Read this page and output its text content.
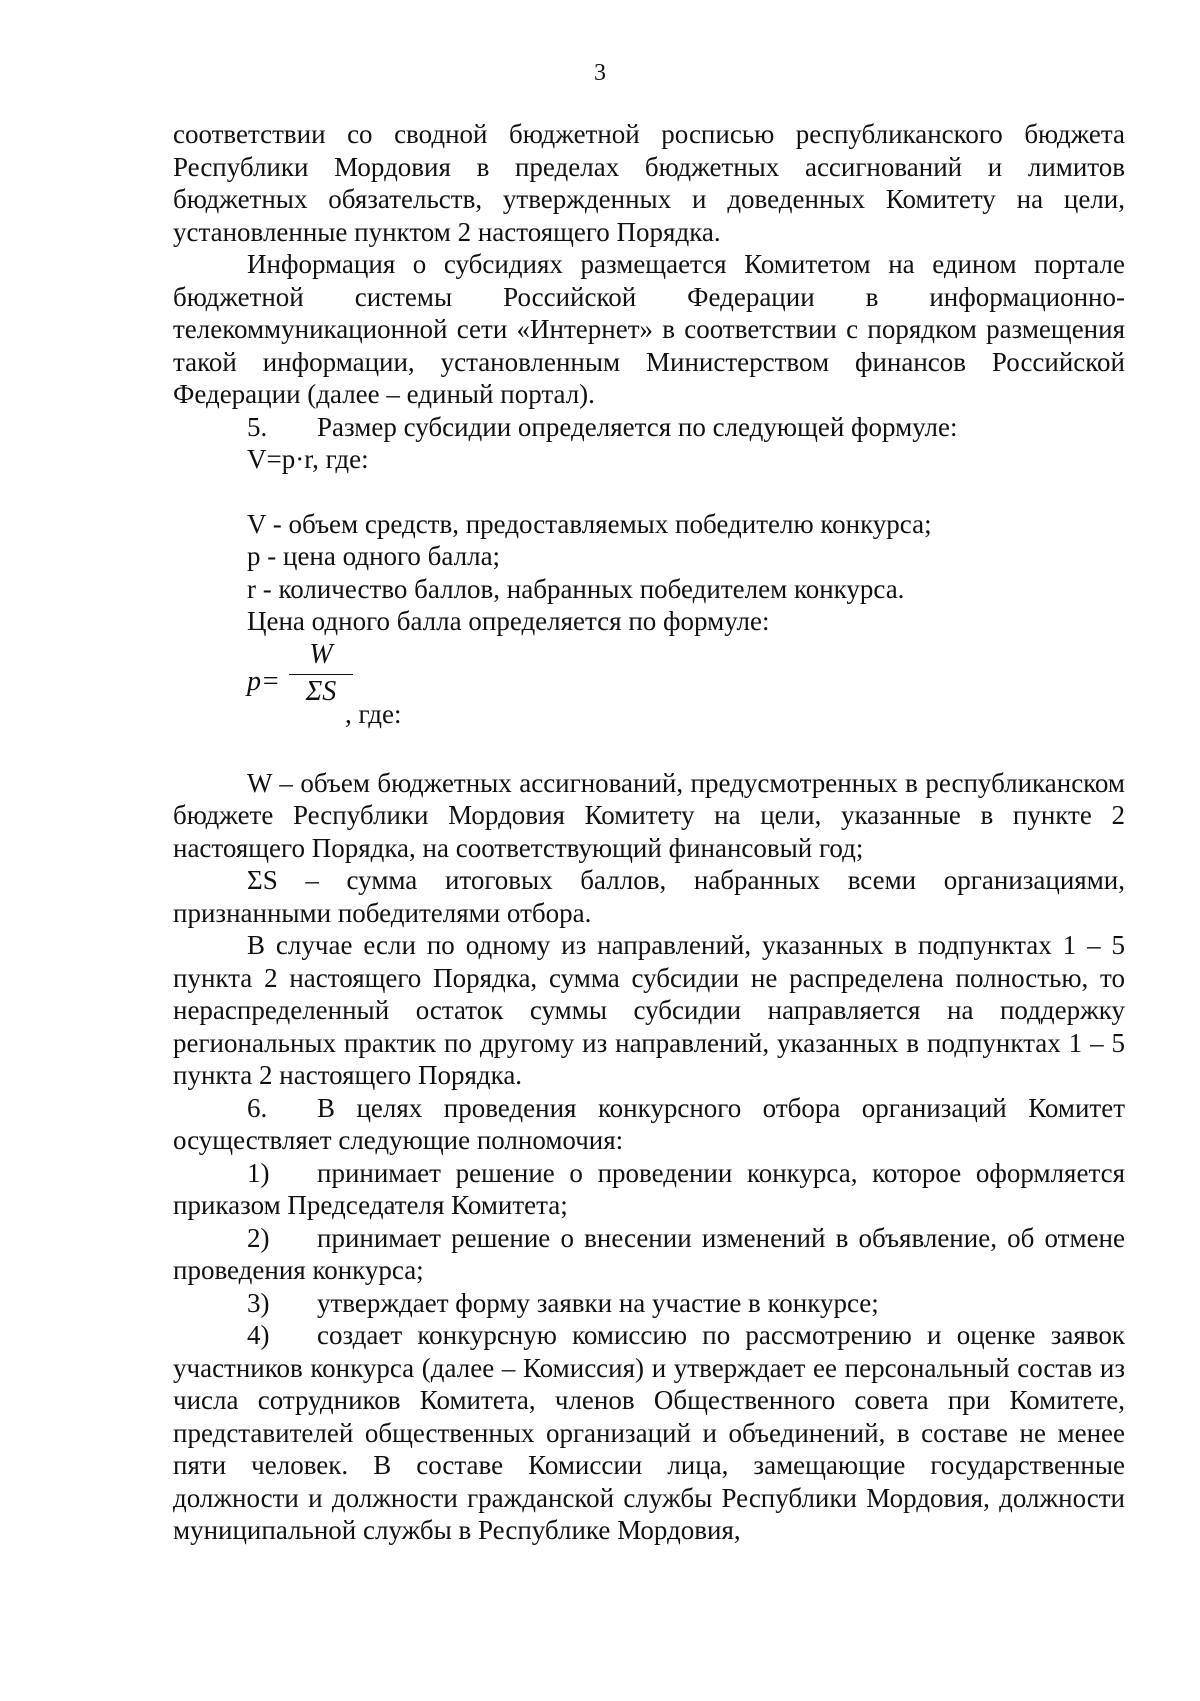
3

соответствии со сводной бюджетной росписью республиканского бюджета Республики Мордовия в пределах бюджетных ассигнований и лимитов бюджетных обязательств, утвержденных и доведенных Комитету на цели, установленные пунктом 2 настоящего Порядка.

Информация о субсидиях размещается Комитетом на едином портале бюджетной системы Российской Федерации в информационно-телекоммуникационной сети «Интернет» в соответствии с порядком размещения такой информации, установленным Министерством финансов Российской Федерации (далее – единый портал).

5. Размер субсидии определяется по следующей формуле:

V=p·r, где:

V - объем средств, предоставляемых победителю конкурса;

p - цена одного балла;

r - количество баллов, набранных победителем конкурса.

Цена одного балла определяется по формуле:

$p= \frac{W}{\Sigma S}$
, где:

W – объем бюджетных ассигнований, предусмотренных в республиканском бюджете Республики Мордовия Комитету на цели, указанные в пункте 2 настоящего Порядка, на соответствующий финансовый год;

ΣS – сумма итоговых баллов, набранных всеми организациями, признанными победителями отбора.

В случае если по одному из направлений, указанных в подпунктах 1 – 5 пункта 2 настоящего Порядка, сумма субсидии не распределена полностью, то нераспределенный остаток суммы субсидии направляется на поддержку региональных практик по другому из направлений, указанных в подпунктах 1 – 5 пункта 2 настоящего Порядка.

6. В целях проведения конкурсного отбора организаций Комитет осуществляет следующие полномочия:

1) принимает решение о проведении конкурса, которое оформляется приказом Председателя Комитета;

2) принимает решение о внесении изменений в объявление, об отмене проведения конкурса;

3) утверждает форму заявки на участие в конкурсе;

4) создает конкурсную комиссию по рассмотрению и оценке заявок участников конкурса (далее – Комиссия) и утверждает ее персональный состав из числа сотрудников Комитета, членов Общественного совета при Комитете, представителей общественных организаций и объединений, в составе не менее пяти человек. В составе Комиссии лица, замещающие государственные должности и должности гражданской службы Республики Мордовия, должности муниципальной службы в Республике Мордовия,
